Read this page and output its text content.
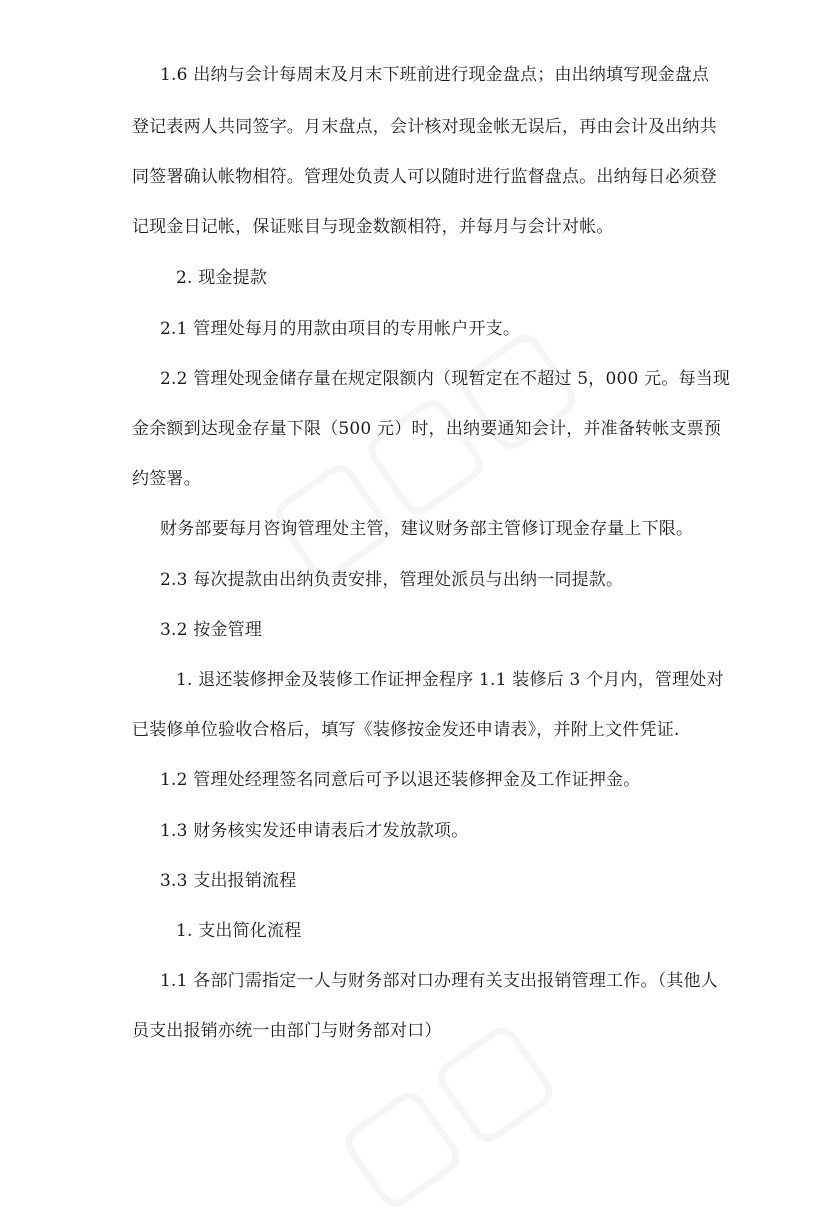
1.6 出纳与会计每周末及月末下班前进行现金盘点；由出纳填写现金盘点
登记表两人共同签字。月末盘点，会计核对现金帐无误后，再由会计及出纳共
同签署确认帐物相符。管理处负责人可以随时进行监督盘点。出纳每日必须登
记现金日记帐，保证账目与现金数额相符，并每月与会计对帐。
2. 现金提款
2.1 管理处每月的用款由项目的专用帐户开支。
2.2 管理处现金储存量在规定限额内（现暂定在不超过 5，000 元。每当现
金余额到达现金存量下限（500 元）时，出纳要通知会计，并准备转帐支票预
约签署。
财务部要每月咨询管理处主管，建议财务部主管修订现金存量上下限。
2.3 每次提款由出纳负责安排，管理处派员与出纳一同提款。
3.2 按金管理
1. 退还装修押金及装修工作证押金程序 1.1 装修后 3 个月内，管理处对
已装修单位验收合格后，填写《装修按金发还申请表》，并附上文件凭证.
1.2 管理处经理签名同意后可予以退还装修押金及工作证押金。
1.3 财务核实发还申请表后才发放款项。
3.3 支出报销流程
1. 支出简化流程
1.1 各部门需指定一人与财务部对口办理有关支出报销管理工作。（其他人
员支出报销亦统一由部门与财务部对口）
